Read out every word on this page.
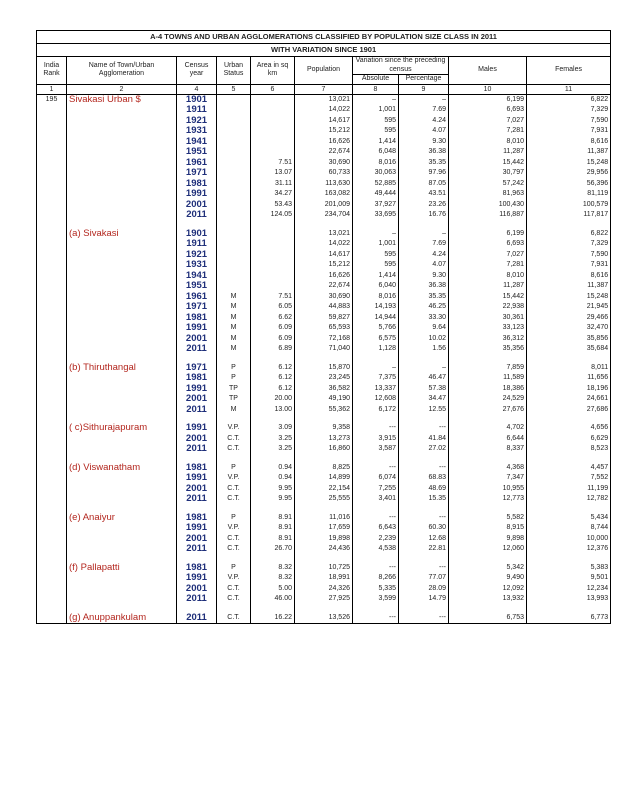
A-4 TOWNS AND URBAN AGGLOMERATIONS CLASSIFIED BY POPULATION SIZE CLASS IN 2011									
WITH VARIATION SINCE 1901									
India Rank	Name of Town/Urban Agglomeration	Census year	Urban Status	Area in sq km	Population	Variation since the preceding census		Males	Females
						Absolute	Percentage		
1	2	4	5	6	7	8	9	10	11
195	Sivakasi Urban $	1901			13,021	–	–	6,199	6,822
		1911			14,022	1,001	7.69	6,693	7,329
		1921			14,617	595	4.24	7,027	7,590
		1931			15,212	595	4.07	7,281	7,931
		1941			16,626	1,414	9.30	8,010	8,616
		1951			22,674	6,048	36.38	11,287	11,387
		1961		7.51	30,690	8,016	35.35	15,442	15,248
		1971		13.07	60,733	30,063	97.96	30,797	29,956
		1981		31.11	113,630	52,885	87.05	57,242	56,396
		1991		34.27	163,082	49,444	43.51	81,963	81,119
		2001		53.43	201,009	37,927	23.26	100,430	100,579
		2011		124.05	234,704	33,695	16.76	116,887	117,817

	(a) Sivakasi	1901			13,021	–	–	6,199	6,822
		1911			14,022	1,001	7.69	6,693	7,329
		1921			14,617	595	4.24	7,027	7,590
		1931			15,212	595	4.07	7,281	7,931
		1941			16,626	1,414	9.30	8,010	8,616
		1951			22,674	6,040	36.38	11,287	11,387
		1961	M	7.51	30,690	8,016	35.35	15,442	15,248
		1971	M	6.05	44,883	14,193	46.25	22,938	21,945
		1981	M	6.62	59,827	14,944	33.30	30,361	29,466
		1991	M	6.09	65,593	5,766	9.64	33,123	32,470
		2001	M	6.09	72,168	6,575	10.02	36,312	35,856
		2011	M	6.89	71,040	1,128	1.56	35,356	35,684

	(b) Thiruthangal	1971	P	6.12	15,870	–	–	7,859	8,011
		1981	P	6.12	23,245	7,375	46.47	11,589	11,656
		1991	TP	6.12	36,582	13,337	57.38	18,386	18,196
		2001	TP	20.00	49,190	12,608	34.47	24,529	24,661
		2011	M	13.00	55,362	6,172	12.55	27,676	27,686

	( c)Sithurajapuram	1991	V.P.	3.09	9,358	---	---	4,702	4,656
		2001	C.T.	3.25	13,273	3,915	41.84	6,644	6,629
		2011	C.T.	3.25	16,860	3,587	27.02	8,337	8,523

	(d) Viswanatham	1981	P	0.94	8,825	---	---	4,368	4,457
		1991	V.P.	0.94	14,899	6,074	68.83	7,347	7,552
		2001	C.T.	9.95	22,154	7,255	48.69	10,955	11,199
		2011	C.T.	9.95	25,555	3,401	15.35	12,773	12,782

	(e) Anaiyur	1981	P	8.91	11,016	---	---	5,582	5,434
		1991	V.P.	8.91	17,659	6,643	60.30	8,915	8,744
		2001	C.T.	8.91	19,898	2,239	12.68	9,898	10,000
		2011	C.T.	26.70	24,436	4,538	22.81	12,060	12,376

	(f) Pallapatti	1981	P	8.32	10,725	---	---	5,342	5,383
		1991	V.P.	8.32	18,991	8,266	77.07	9,490	9,501
		2001	C.T.	5.00	24,326	5,335	28.09	12,092	12,234
		2011	C.T.	46.00	27,925	3,599	14.79	13,932	13,993

	(g) Anuppankulam	2011	C.T.	16.22	13,526	---	---	6,753	6,773
